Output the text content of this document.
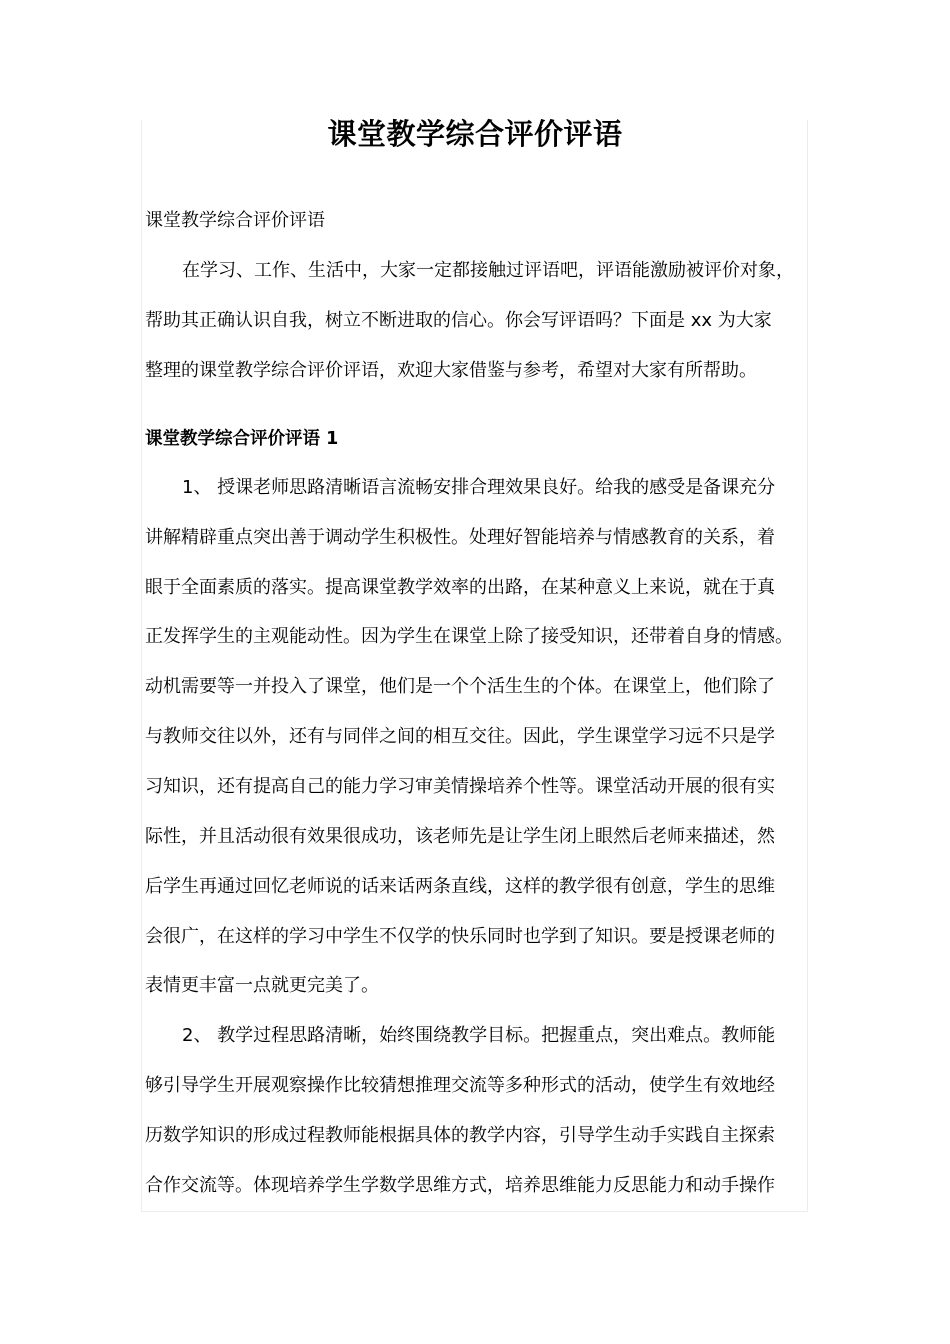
课堂教学综合评价评语
课堂教学综合评价评语
在学习、工作、生活中，大家一定都接触过评语吧，评语能激励被评价对象，
帮助其正确认识自我，树立不断进取的信心。你会写评语吗？下面是 xx 为大家
整理的课堂教学综合评价评语，欢迎大家借鉴与参考，希望对大家有所帮助。
课堂教学综合评价评语 1
1、 授课老师思路清晰语言流畅安排合理效果良好。给我的感受是备课充分
讲解精辟重点突出善于调动学生积极性。处理好智能培养与情感教育的关系，着
眼于全面素质的落实。提高课堂教学效率的出路，在某种意义上来说，就在于真
正发挥学生的主观能动性。因为学生在课堂上除了接受知识，还带着自身的情感。
动机需要等一并投入了课堂，他们是一个个活生生的个体。在课堂上，他们除了
与教师交往以外，还有与同伴之间的相互交往。因此，学生课堂学习远不只是学
习知识，还有提高自己的能力学习审美情操培养个性等。课堂活动开展的很有实
际性，并且活动很有效果很成功，该老师先是让学生闭上眼然后老师来描述，然
后学生再通过回忆老师说的话来话两条直线，这样的教学很有创意，学生的思维
会很广，在这样的学习中学生不仅学的快乐同时也学到了知识。要是授课老师的
表情更丰富一点就更完美了。
2、 教学过程思路清晰，始终围绕教学目标。把握重点，突出难点。教师能
够引导学生开展观察操作比较猜想推理交流等多种形式的活动，使学生有效地经
历数学知识的形成过程教师能根据具体的教学内容，引导学生动手实践自主探索
合作交流等。体现培养学生学数学思维方式，培养思维能力反思能力和动手操作
